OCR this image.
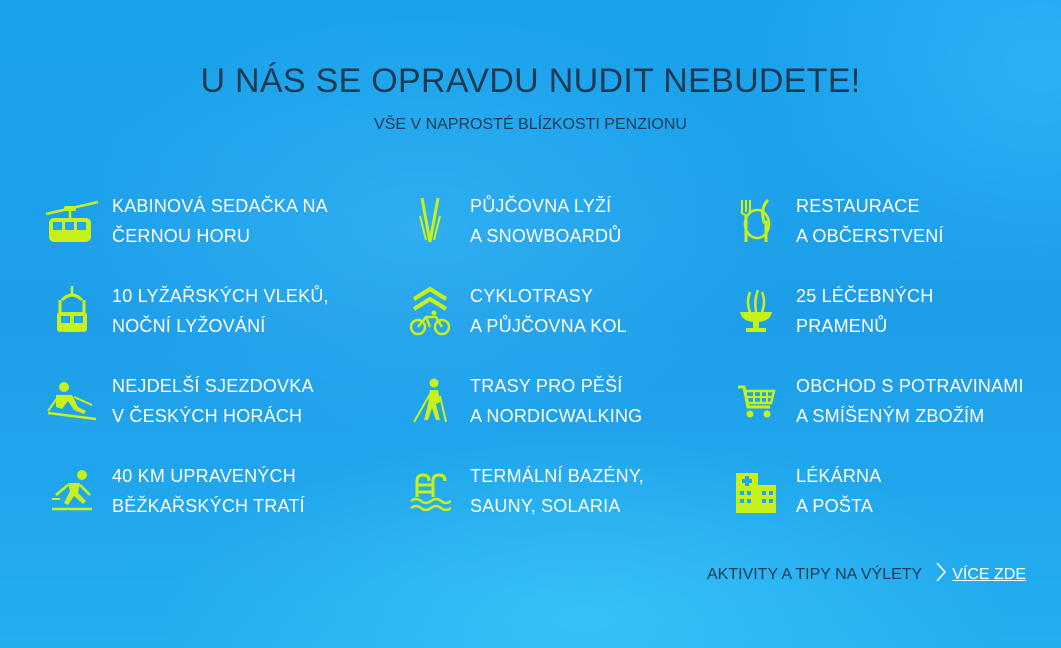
U NÁS SE OPRAVDU NUDIT NEBUDETE!
VŠE V NAPROSTÉ BLÍZKOSTI PENZIONU
KABINOVÁ SEDAČKA NA
ČERNOU HORU
10 LYŽAŘSKÝCH VLEKŮ,
NOČNÍ LYŽOVÁNÍ
NEJDELŠÍ SJEZDOVKA
V ČESKÝCH HORÁCH
40 KM UPRAVENÝCH
BĚŽKAŘSKÝCH TRATÍ
PŮJČOVNA LYŽÍ
A SNOWBOARDŮ
CYKLOTRASY
A PŮJČOVNA KOL
TRASY PRO PĚŠÍ
A NORDICWALKING
TERMÁLNÍ BAZÉNY,
SAUNY, SOLARIA
RESTAURACE
A OBČERSTVENÍ
25 LÉČEBNÝCH
PRAMENŮ
OBCHOD S POTRAVINAMI
A SMÍŠENÝM ZBOŽÍM
LÉKÁRNA
A POŠTA
AKTIVITY A TIPY NA VÝLETY VÍCE ZDE
